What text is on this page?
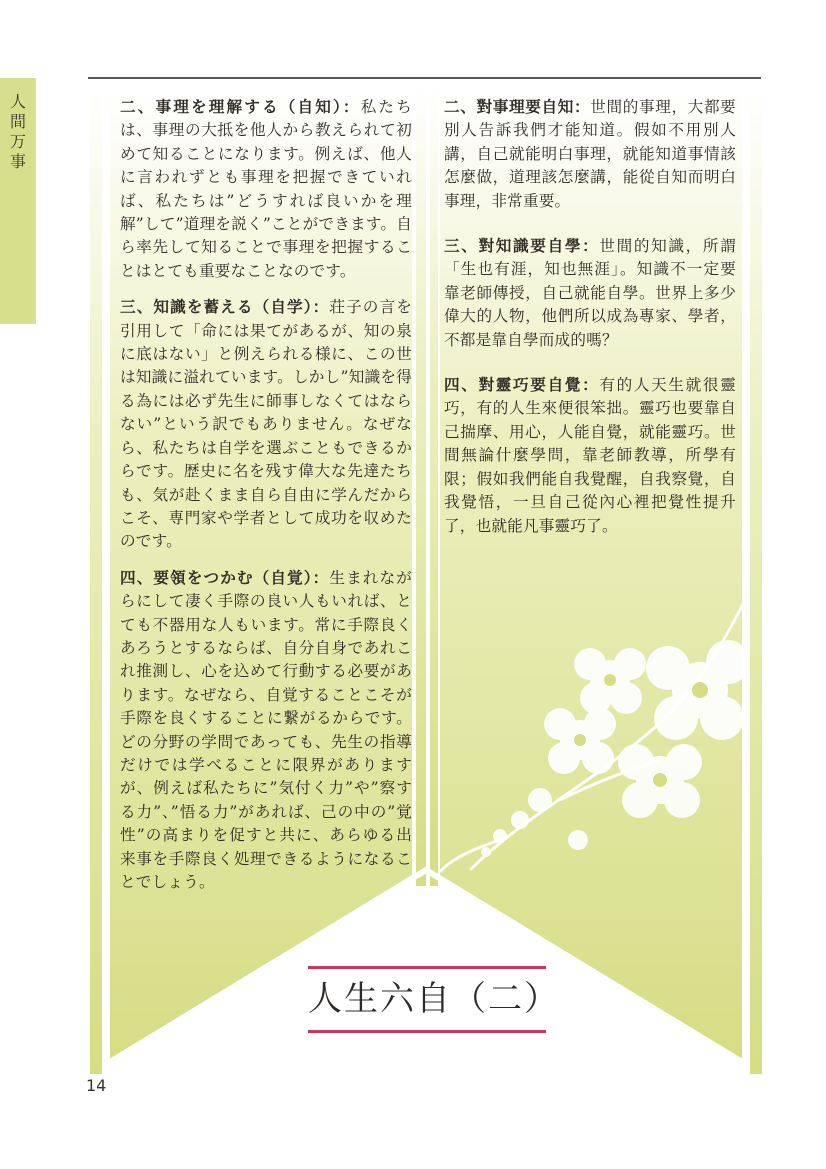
人間万事

二、事理を理解する（自知）：私たちは、事理の大抵を他人から教えられて初めて知ることになります。例えば、他人に言われずとも事理を把握できていれば、私たちは”どうすれば良いかを理解”して”道理を説く”ことができます。自ら率先して知ることで事理を把握することはとても重要なことなのです。

三、知識を蓄える（自学）：荘子の言を引用して「命には果てがあるが、知の泉に底はない」と例えられる様に、この世は知識に溢れています。しかし”知識を得る為には必ず先生に師事しなくてはならない”という訳でもありません。なぜなら、私たちは自学を選ぶこともできるからです。歴史に名を残す偉大な先達たちも、気が赴くまま自ら自由に学んだからこそ、専門家や学者として成功を収めたのです。

四、要領をつかむ（自覚）：生まれながらにして凄く手際の良い人もいれば、とても不器用な人もいます。常に手際良くあろうとするならば、自分自身であれこれ推測し、心を込めて行動する必要があります。なぜなら、自覚することこそが手際を良くすることに繋がるからです。どの分野の学問であっても、先生の指導だけでは学べることに限界がありますが、例えば私たちに”気付く力”や”察する力”、”悟る力”があれば、己の中の”覚性”の高まりを促すと共に、あらゆる出来事を手際良く処理できるようになることでしょう。

二、對事理要自知：世間的事理，大都要別人告訴我們才能知道。假如不用別人講，自己就能明白事理，就能知道事情該怎麼做，道理該怎麼講，能從自知而明白事理，非常重要。

三、對知識要自學：世間的知識，所謂「生也有涯，知也無涯」。知識不一定要靠老師傳授，自己就能自學。世界上多少偉大的人物，他們所以成為專家、學者，不都是靠自學而成的嗎？

四、對靈巧要自覺：有的人天生就很靈巧，有的人生來便很笨拙。靈巧也要靠自己揣摩、用心，人能自覺，就能靈巧。世間無論什麼學問，靠老師教導，所學有限；假如我們能自我覺醒，自我察覺，自我覺悟，一旦自己從內心裡把覺性提升了，也就能凡事靈巧了。

人生六自（二）
14
